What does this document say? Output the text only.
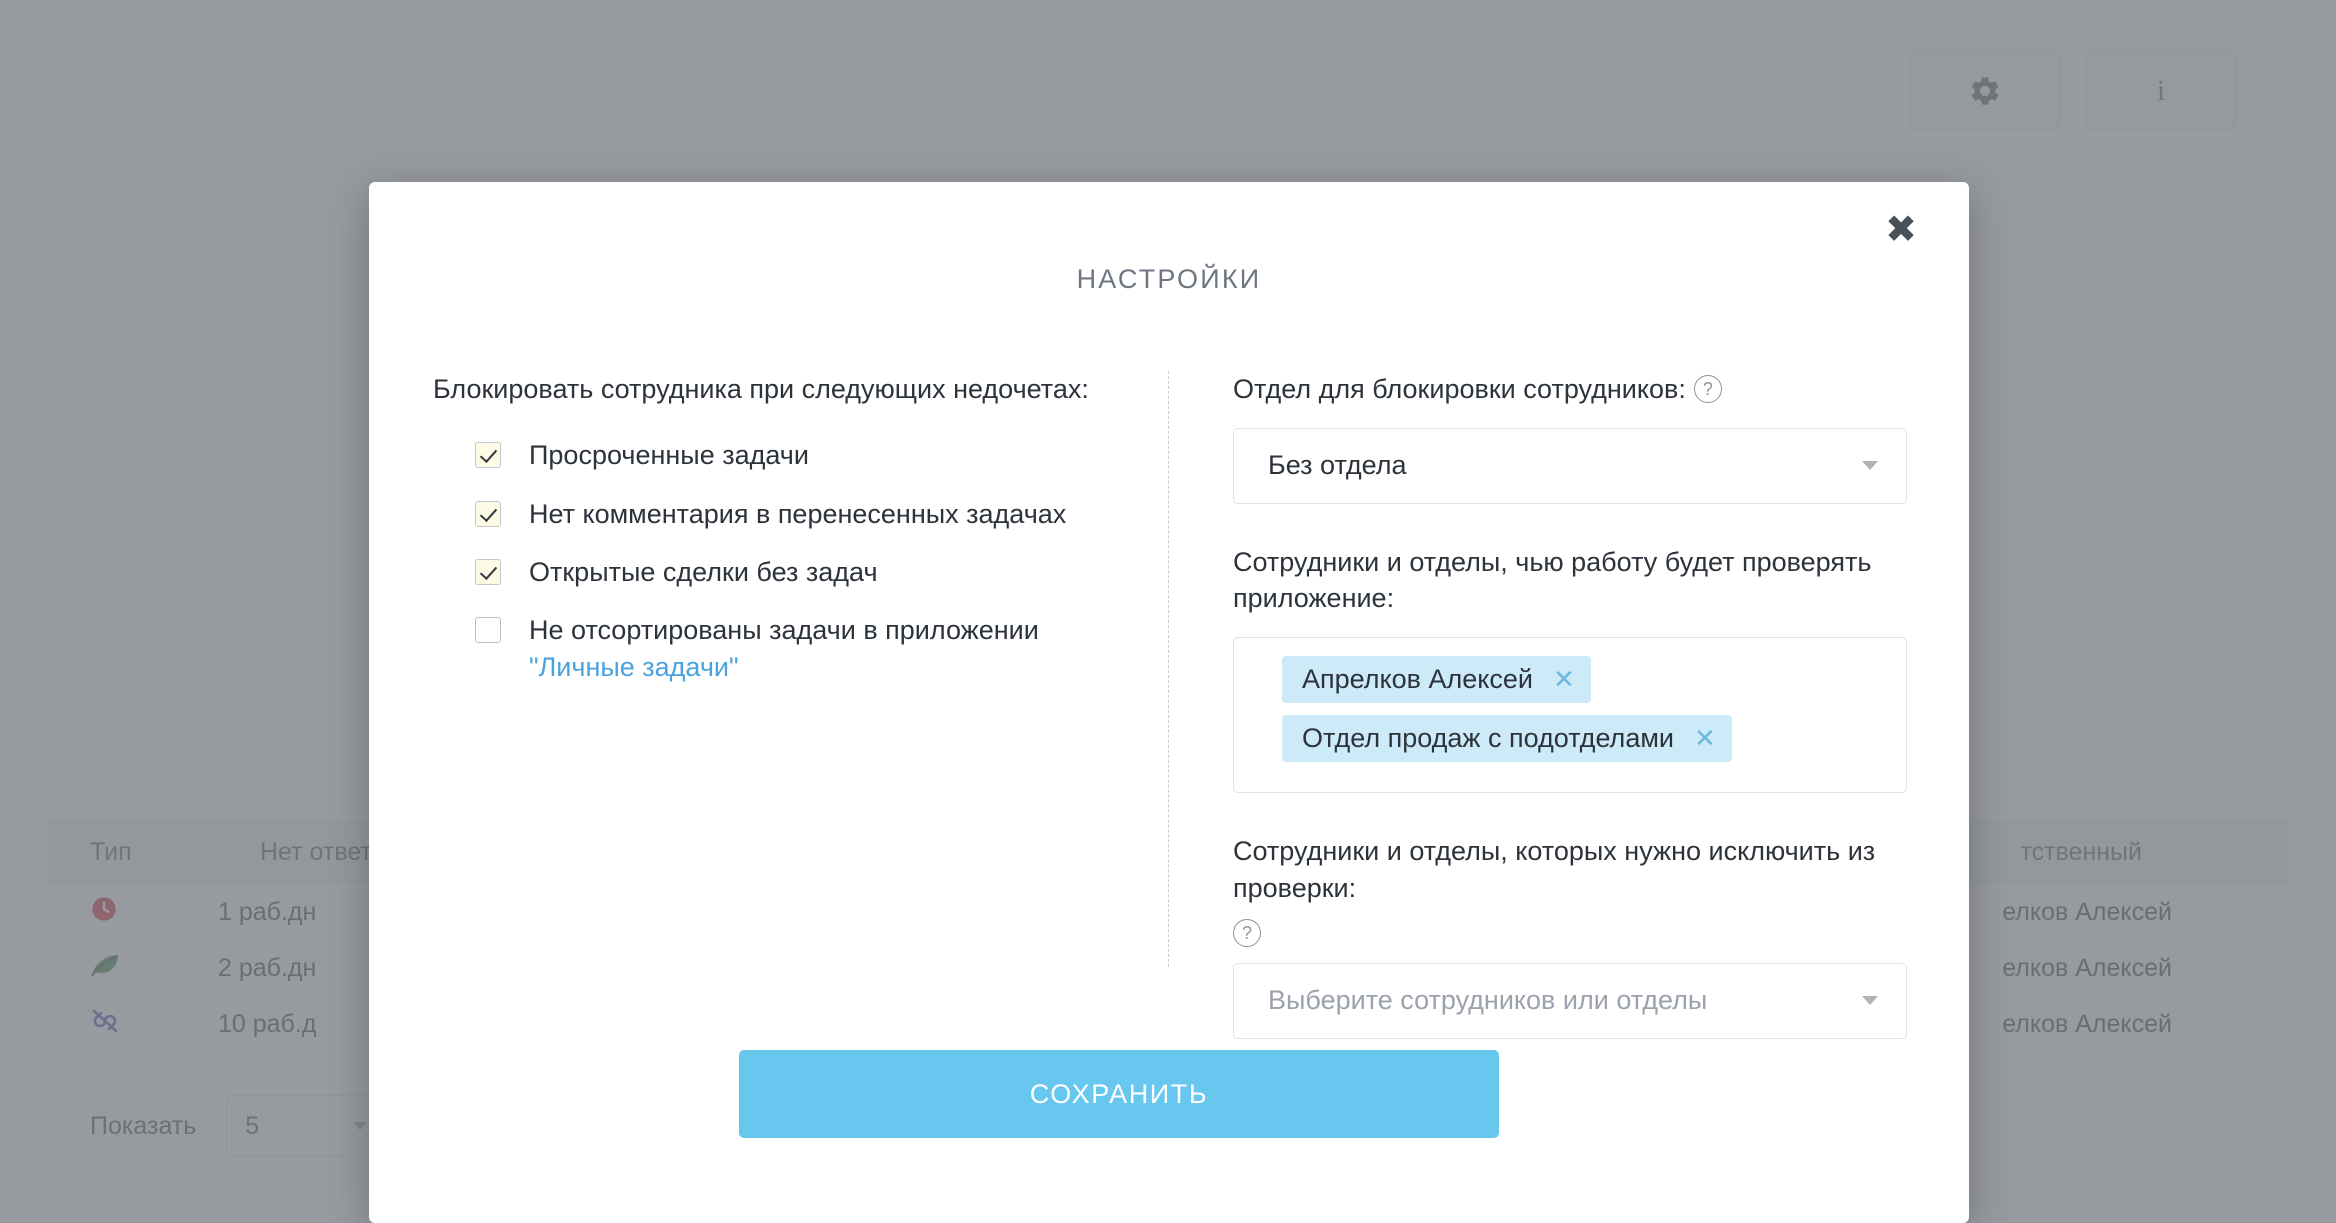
✖
НАСТРОЙКИ
Блокировать сотрудника при следующих недочетах:
Просроченные задачи
Нет комментария в перенесенных задачах
Открытые сделки без задач
Не отсортированы задачи в приложении
"Личные задачи"
Отдел для блокировки сотрудников: ?
Без отдела
Сотрудники и отделы, чью работу будет проверять приложение:
Апрелков Алексей ✕

Отдел продаж с подотделами ✕
Сотрудники и отделы, которых нужно исключить из проверки:
?
Выберите сотрудников или отделы
СОХРАНИТЬ
